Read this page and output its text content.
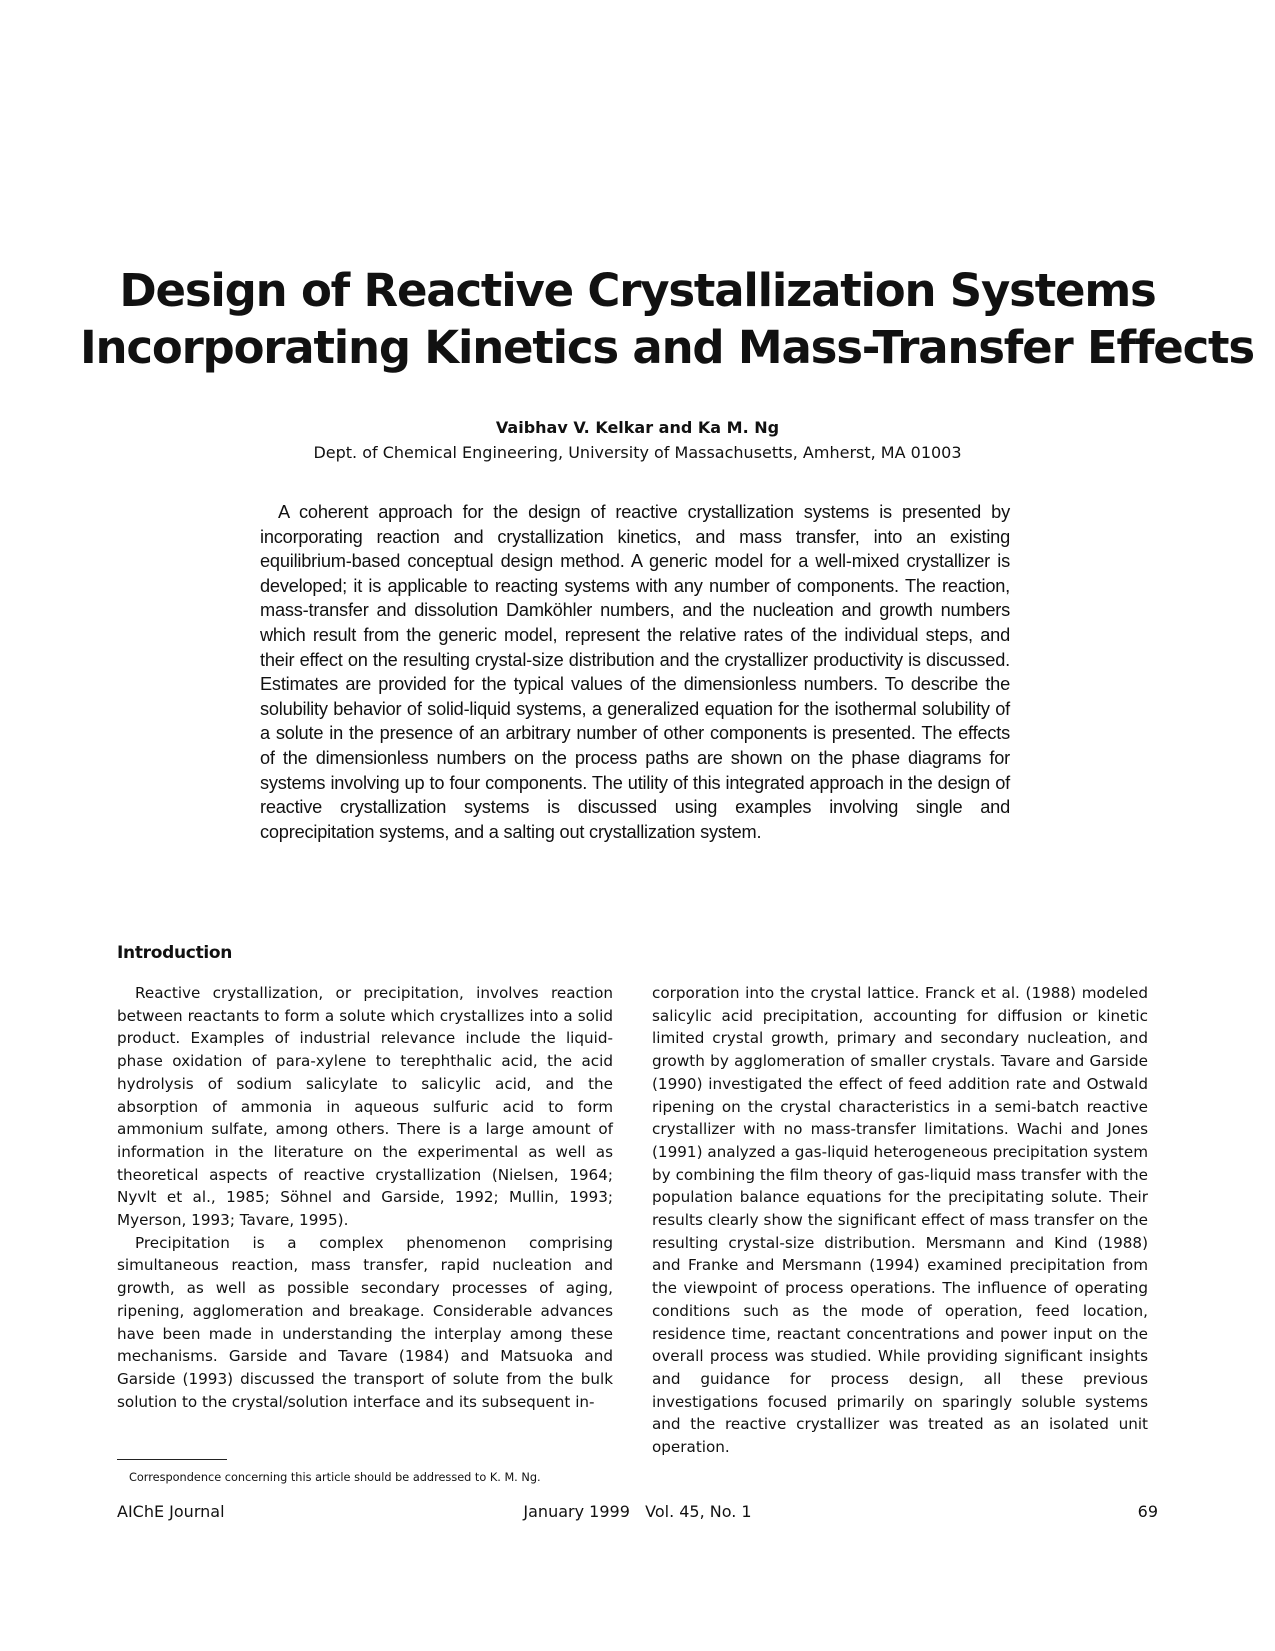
Design of Reactive Crystallization Systems
Incorporating Kinetics and Mass-Transfer Effects
Vaibhav V. Kelkar and Ka M. Ng
Dept. of Chemical Engineering, University of Massachusetts, Amherst, MA 01003

A coherent approach for the design of reactive crystallization systems is presented by incorporating reaction and crystallization kinetics, and mass transfer, into an existing equilibrium-based conceptual design method. A generic model for a well-mixed crystallizer is developed; it is applicable to reacting systems with any number of components. The reaction, mass-transfer and dissolution Damköhler numbers, and the nucleation and growth numbers which result from the generic model, represent the relative rates of the individual steps, and their effect on the resulting crystal-size distribution and the crystallizer productivity is discussed. Estimates are provided for the typical values of the dimensionless numbers. To describe the solubility behavior of solid-liquid systems, a generalized equation for the isothermal solubility of a solute in the presence of an arbitrary number of other components is presented. The effects of the dimensionless numbers on the process paths are shown on the phase diagrams for systems involving up to four components. The utility of this integrated approach in the design of reactive crystallization systems is discussed using examples involving single and coprecipitation systems, and a salting out crystallization system.

Introduction

Reactive crystallization, or precipitation, involves reaction between reactants to form a solute which crystallizes into a solid product. Examples of industrial relevance include the liquid-phase oxidation of para-xylene to terephthalic acid, the acid hydrolysis of sodium salicylate to salicylic acid, and the absorption of ammonia in aqueous sulfuric acid to form ammonium sulfate, among others. There is a large amount of information in the literature on the experimental as well as theoretical aspects of reactive crystallization (Nielsen, 1964; Nyvlt et al., 1985; Söhnel and Garside, 1992; Mullin, 1993; Myerson, 1993; Tavare, 1995).

Precipitation is a complex phenomenon comprising simultaneous reaction, mass transfer, rapid nucleation and growth, as well as possible secondary processes of aging, ripening, agglomeration and breakage. Considerable advances have been made in understanding the interplay among these mechanisms. Garside and Tavare (1984) and Matsuoka and Garside (1993) discussed the transport of solute from the bulk solution to the crystal/solution interface and its subsequent in-

corporation into the crystal lattice. Franck et al. (1988) modeled salicylic acid precipitation, accounting for diffusion or kinetic limited crystal growth, primary and secondary nucleation, and growth by agglomeration of smaller crystals. Tavare and Garside (1990) investigated the effect of feed addition rate and Ostwald ripening on the crystal characteristics in a semi-batch reactive crystallizer with no mass-transfer limitations. Wachi and Jones (1991) analyzed a gas-liquid heterogeneous precipitation system by combining the film theory of gas-liquid mass transfer with the population balance equations for the precipitating solute. Their results clearly show the significant effect of mass transfer on the resulting crystal-size distribution. Mersmann and Kind (1988) and Franke and Mersmann (1994) examined precipitation from the viewpoint of process operations. The influence of operating conditions such as the mode of operation, feed location, residence time, reactant concentrations and power input on the overall process was studied. While providing significant insights and guidance for process design, all these previous investigations focused primarily on sparingly soluble systems and the reactive crystallizer was treated as an isolated unit operation.

Correspondence concerning this article should be addressed to K. M. Ng.
AIChE Journal	January 1999   Vol. 45, No. 1	69
